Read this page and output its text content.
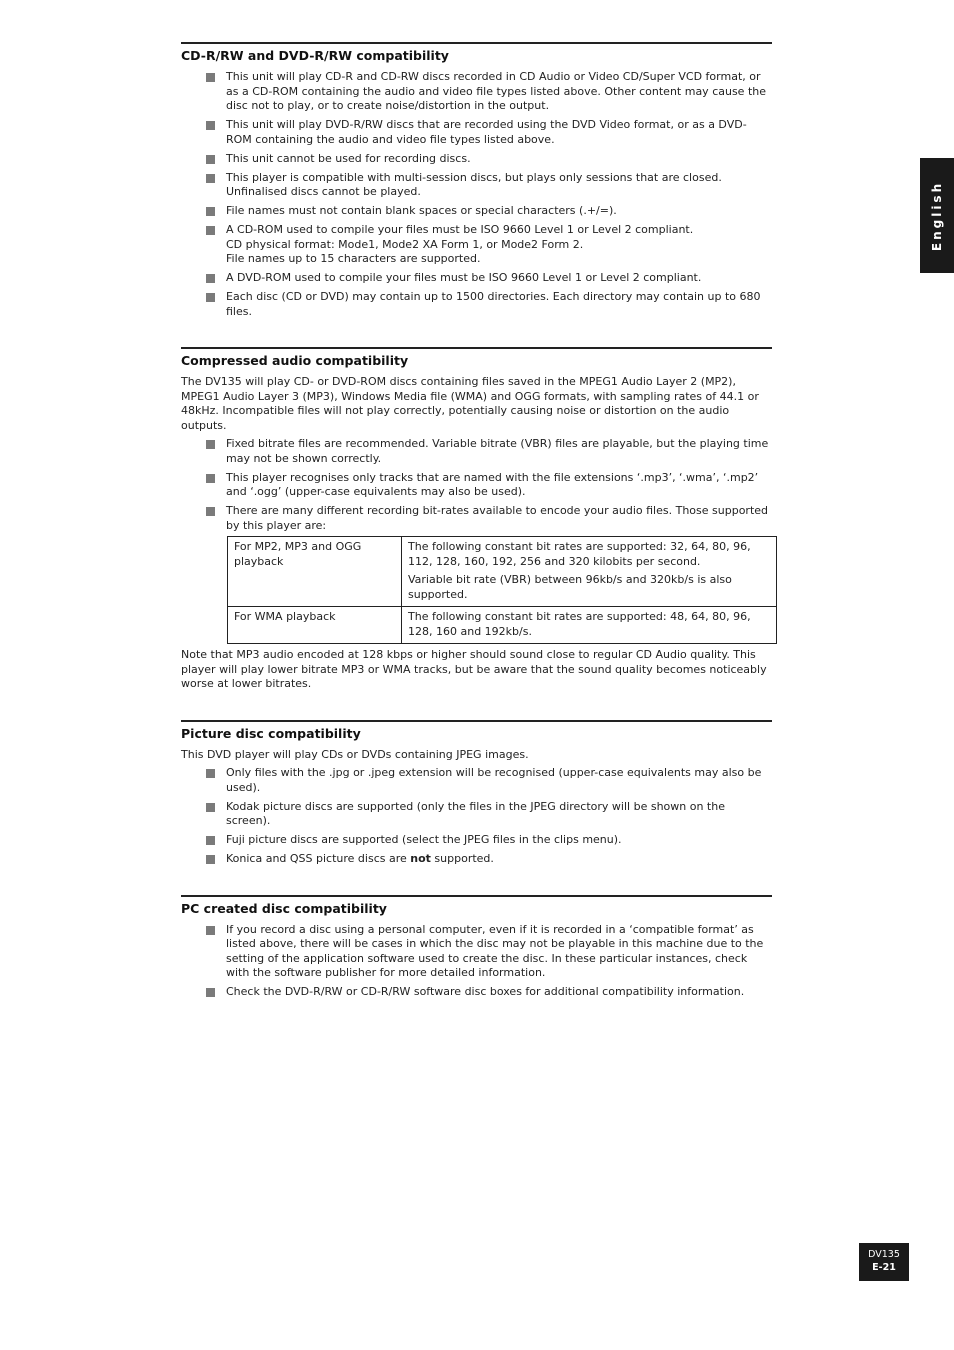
CD-R/RW and DVD-R/RW compatibility
This unit will play CD-R and CD-RW discs recorded in CD Audio or Video CD/Super VCD format, or as a CD-ROM containing the audio and video file types listed above. Other content may cause the disc not to play, or to create noise/distortion in the output.
This unit will play DVD-R/RW discs that are recorded using the DVD Video format, or as a DVD-ROM containing the audio and video file types listed above.
This unit cannot be used for recording discs.
This player is compatible with multi-session discs, but plays only sessions that are closed. Unfinalised discs cannot be played.
File names must not contain blank spaces or special characters (.+/=).
A CD-ROM used to compile your files must be ISO 9660 Level 1 or Level 2 compliant.
CD physical format: Mode1, Mode2 XA Form 1, or Mode2 Form 2.
File names up to 15 characters are supported.
A DVD-ROM used to compile your files must be ISO 9660 Level 1 or Level 2 compliant.
Each disc (CD or DVD) may contain up to 1500 directories. Each directory may contain up to 680 files.
Compressed audio compatibility

The DV135 will play CD- or DVD-ROM discs containing files saved in the MPEG1 Audio Layer 2 (MP2), MPEG1 Audio Layer 3 (MP3), Windows Media file (WMA) and OGG formats, with sampling rates of 44.1 or 48kHz. Incompatible files will not play correctly, potentially causing noise or distortion on the audio outputs.

Fixed bitrate files are recommended. Variable bitrate (VBR) files are playable, but the playing time may not be shown correctly.
This player recognises only tracks that are named with the file extensions ‘.mp3’, ‘.wma’, ‘.mp2’ and ‘.ogg’ (upper-case equivalents may also be used).
There are many different recording bit-rates available to encode your audio files. Those supported by this player are:
For MP2, MP3 and OGG playback	The following constant bit rates are supported: 32, 64, 80, 96, 112, 128, 160, 192, 256 and 320 kilobits per second.

Variable bit rate (VBR) between 96kb/s and 320kb/s is also supported.

For WMA playback	The following constant bit rates are supported: 48, 64, 80, 96, 128, 160 and 192kb/s.

Note that MP3 audio encoded at 128 kbps or higher should sound close to regular CD Audio quality. This player will play lower bitrate MP3 or WMA tracks, but be aware that the sound quality becomes noticeably worse at lower bitrates.

Picture disc compatibility

This DVD player will play CDs or DVDs containing JPEG images.

Only files with the .jpg or .jpeg extension will be recognised (upper-case equivalents may also be used).
Kodak picture discs are supported (only the files in the JPEG directory will be shown on the screen).
Fuji picture discs are supported (select the JPEG files in the clips menu).
Konica and QSS picture discs are not supported.
PC created disc compatibility
If you record a disc using a personal computer, even if it is recorded in a ‘compatible format’ as listed above, there will be cases in which the disc may not be playable in this machine due to the setting of the application software used to create the disc. In these particular instances, check with the software publisher for more detailed information.
Check the DVD-R/RW or CD-R/RW software disc boxes for additional compatibility information.
English
DV135
E-21
